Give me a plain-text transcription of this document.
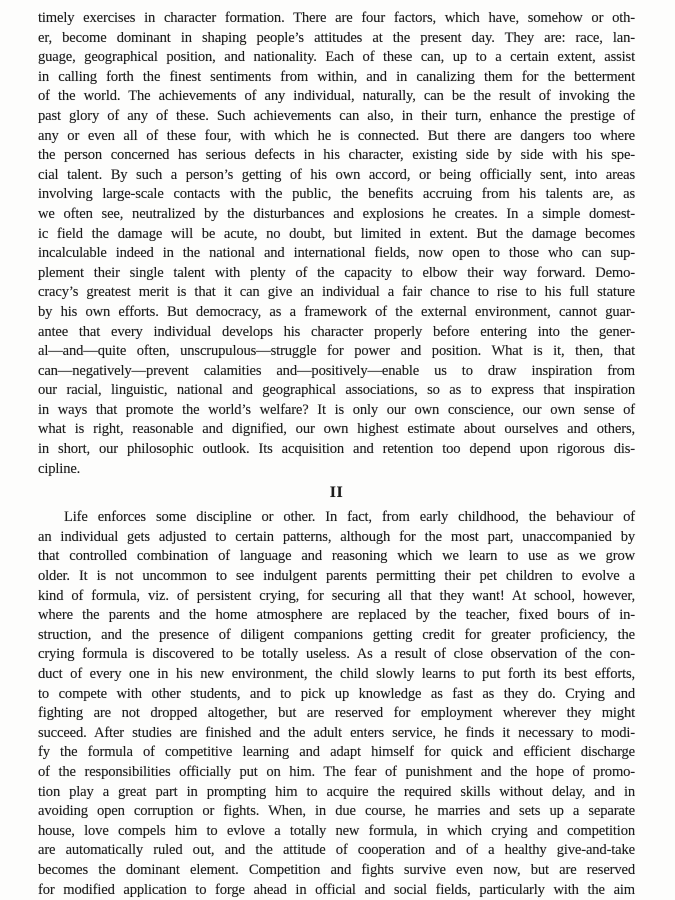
timely exercises in character formation. There are four factors, which have, somehow or oth-
er, become dominant in shaping people’s attitudes at the present day. They are: race, lan-
guage, geographical position, and nationality. Each of these can, up to a certain extent, assist
in calling forth the finest sentiments from within, and in canalizing them for the betterment
of the world. The achievements of any individual, naturally, can be the result of invoking the
past glory of any of these. Such achievements can also, in their turn, enhance the prestige of
any or even all of these four, with which he is connected. But there are dangers too where
the person concerned has serious defects in his character, existing side by side with his spe-
cial talent. By such a person’s getting of his own accord, or being officially sent, into areas
involving large-scale contacts with the public, the benefits accruing from his talents are, as
we often see, neutralized by the disturbances and explosions he creates. In a simple domest-
ic field the damage will be acute, no doubt, but limited in extent. But the damage becomes
incalculable indeed in the national and international fields, now open to those who can sup-
plement their single talent with plenty of the capacity to elbow their way forward. Demo-
cracy’s greatest merit is that it can give an individual a fair chance to rise to his full stature
by his own efforts. But democracy, as a framework of the external environment, cannot guar-
antee that every individual develops his character properly before entering into the gener-
al—and—quite often, unscrupulous—struggle for power and position. What is it, then, that
can—negatively—prevent calamities and—positively—enable us to draw inspiration from
our racial, linguistic, national and geographical associations, so as to express that inspiration
in ways that promote the world’s welfare? It is only our own conscience, our own sense of
what is right, reasonable and dignified, our own highest estimate about ourselves and others,
in short, our philosophic outlook. Its acquisition and retention too depend upon rigorous dis-
cipline.
II
Life enforces some discipline or other. In fact, from early childhood, the behaviour of
an individual gets adjusted to certain patterns, although for the most part, unaccompanied by
that controlled combination of language and reasoning which we learn to use as we grow
older. It is not uncommon to see indulgent parents permitting their pet children to evolve a
kind of formula, viz. of persistent crying, for securing all that they want! At school, however,
where the parents and the home atmosphere are replaced by the teacher, fixed bours of in-
struction, and the presence of diligent companions getting credit for greater proficiency, the
crying formula is discovered to be totally useless. As a result of close observation of the con-
duct of every one in his new environment, the child slowly learns to put forth its best efforts,
to compete with other students, and to pick up knowledge as fast as they do. Crying and
fighting are not dropped altogether, but are reserved for employment wherever they might
succeed. After studies are finished and the adult enters service, he finds it necessary to modi-
fy the formula of competitive learning and adapt himself for quick and efficient discharge
of the responsibilities officially put on him. The fear of punishment and the hope of promo-
tion play a great part in prompting him to acquire the required skills without delay, and in
avoiding open corruption or fights. When, in due course, he marries and sets up a separate
house, love compels him to evlove a totally new formula, in which crying and competition
are automatically ruled out, and the attitude of cooperation and of a healthy give-and-take
becomes the dominant element. Competition and fights survive even now, but are reserved
for modified application to forge ahead in official and social fields, particularly with the aim
